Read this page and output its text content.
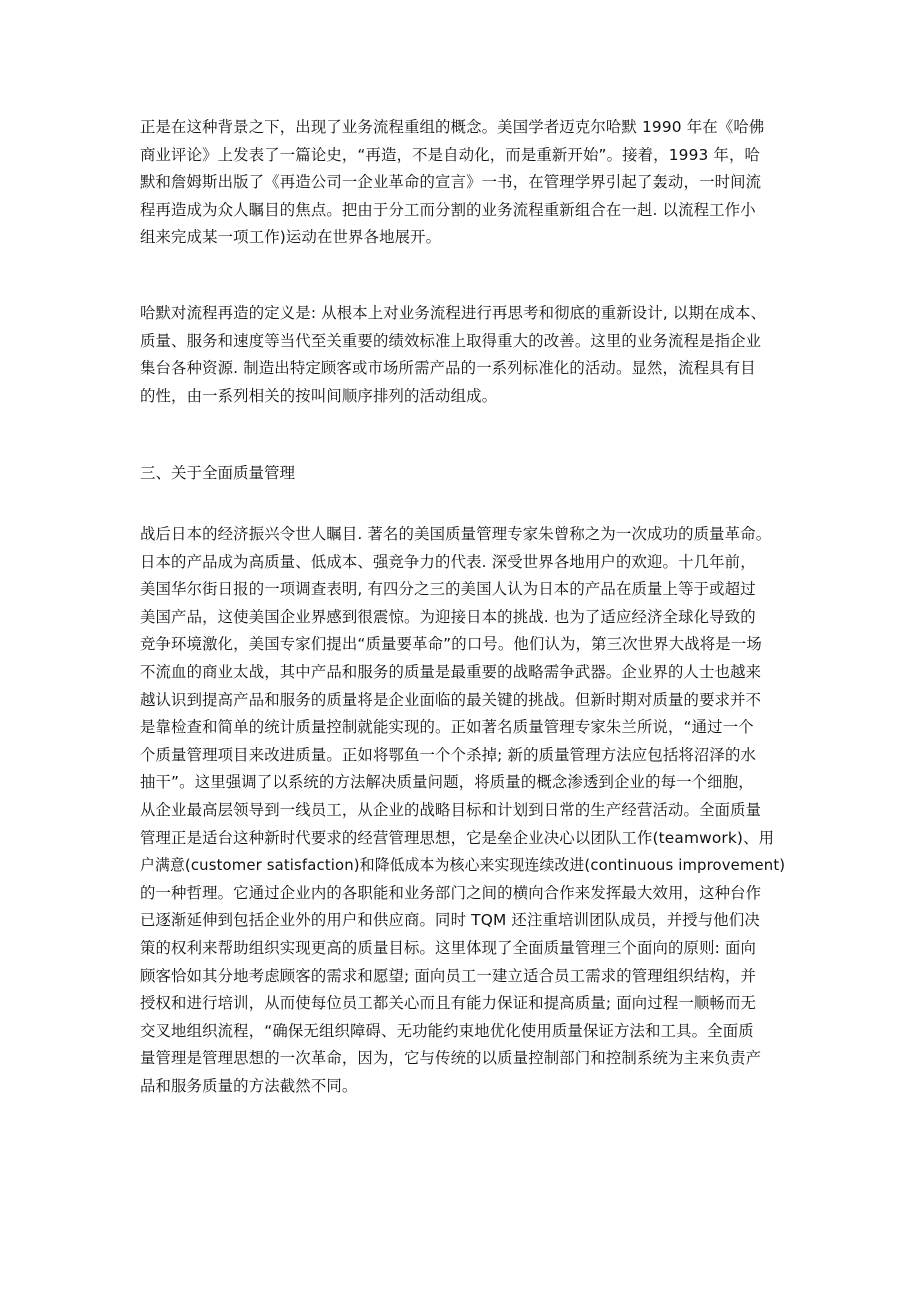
正是在这种背景之下，出现了业务流程重组的概念。美国学者迈克尔哈默 1990 年在《哈佛
商业评论》上发表了一篇论史，“再造，不是自动化，而是重新开始”。接着，1993 年，哈
默和詹姆斯出版了《再造公司一企业革命的宣言》一书，在管理学界引起了轰动，一时间流
程再造成为众人瞩目的焦点。把由于分工而分割的业务流程重新组合在一赳. 以流程工作小
组来完成某一项工作)运动在世界各地展开。
哈默对流程再造的定义是: 从根本上对业务流程进行再思考和彻底的重新设计, 以期在成本、
质量、服务和速度等当代至关重要的绩效标准上取得重大的改善。这里的业务流程是指企业
集台各种资源. 制造出特定顾客或市场所需产品的一系列标准化的活动。显然，流程具有目
的性，由一系列相关的按叫间顺序排列的活动组成。
三、关于全面质量管理
战后日本的经济振兴令世人瞩目. 著名的美国质量管理专家朱曾称之为一次成功的质量革命。
日本的产品成为高质量、低成本、强竞争力的代表. 深受世界各地用户的欢迎。十几年前，
美国华尔街日报的一项调查表明, 有四分之三的美国人认为日本的产品在质量上等于或超过
美国产品，这使美国企业界感到很震惊。为迎接日本的挑战. 也为了适应经济全球化导致的
竞争环境激化，美国专家们提出“质量要革命”的口号。他们认为，第三次世界大战将是一场
不流血的商业太战，其中产品和服务的质量是最重要的战略需争武器。企业界的人士也越来
越认识到提高产品和服务的质量将是企业面临的最关键的挑战。但新时期对质量的要求并不
是靠检查和简单的统计质量控制就能实现的。正如著名质量管理专家朱兰所说，“通过一个
个质量管理项目来改进质量。正如将鄂鱼一个个杀掉; 新的质量管理方法应包括将沼泽的水
抽干”。这里强调了以系统的方法解决质量问题，将质量的概念渗透到企业的每一个细胞，
从企业最高层领导到一线员工，从企业的战略目标和计划到日常的生产经营活动。全面质量
管理正是适台这种新时代要求的经营管理思想，它是垒企业决心以团队工作(teamwork)、用
户满意(customer satisfaction)和降低成本为核心来实现连续改进(continuous improvement)
的一种哲理。它通过企业内的各职能和业务部门之间的横向合作来发挥最大效用，这种台作
已逐渐延伸到包括企业外的用户和供应商。同时 TQM 还注重培训团队成员，并授与他们决
策的权利来帮助组织实现更高的质量目标。这里体现了全面质量管理三个面向的原则: 面向
顾客恰如其分地考虑顾客的需求和愿望; 面向员工一建立适合员工需求的管理组织结构，并
授权和进行培训，从而使每位员工都关心而且有能力保证和提高质量; 面向过程一顺畅而无
交叉地组织流程，“确保无组织障碍、无功能约束地优化使用质量保证方法和工具。全面质
量管理是管理思想的一次革命，因为，它与传统的以质量控制部门和控制系统为主来负责产
品和服务质量的方法截然不同。
